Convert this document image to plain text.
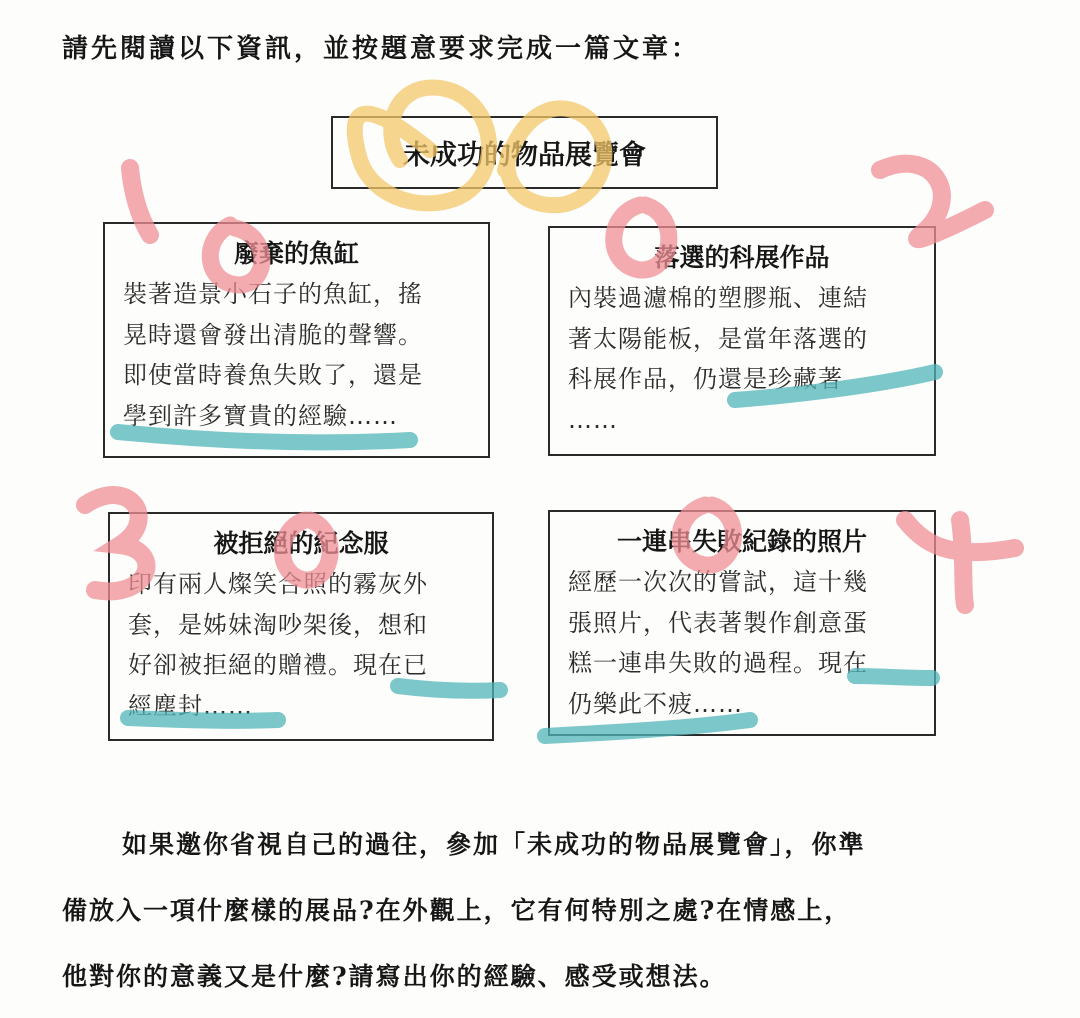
請先閱讀以下資訊，並按題意要求完成一篇文章：

未成功的物品展覽會
廢棄的魚缸
裝著造景小石子的魚缸，搖
晃時還會發出清脆的聲響。
即使當時養魚失敗了，還是
學到許多寶貴的經驗……
落選的科展作品
內裝過濾棉的塑膠瓶、連結
著太陽能板，是當年落選的
科展作品，仍還是珍藏著
……
被拒絕的紀念服
印有兩人燦笑合照的霧灰外
套，是姊妹淘吵架後，想和
好卻被拒絕的贈禮。現在已
經塵封……
一連串失敗紀錄的照片
經歷一次次的嘗試，這十幾
張照片，代表著製作創意蛋
糕一連串失敗的過程。現在
仍樂此不疲……
如果邀你省視自己的過往，參加「未成功的物品展覽會」，你準
備放入一項什麼樣的展品?在外觀上，它有何特別之處?在情感上，
他對你的意義又是什麼?請寫出你的經驗、感受或想法。
